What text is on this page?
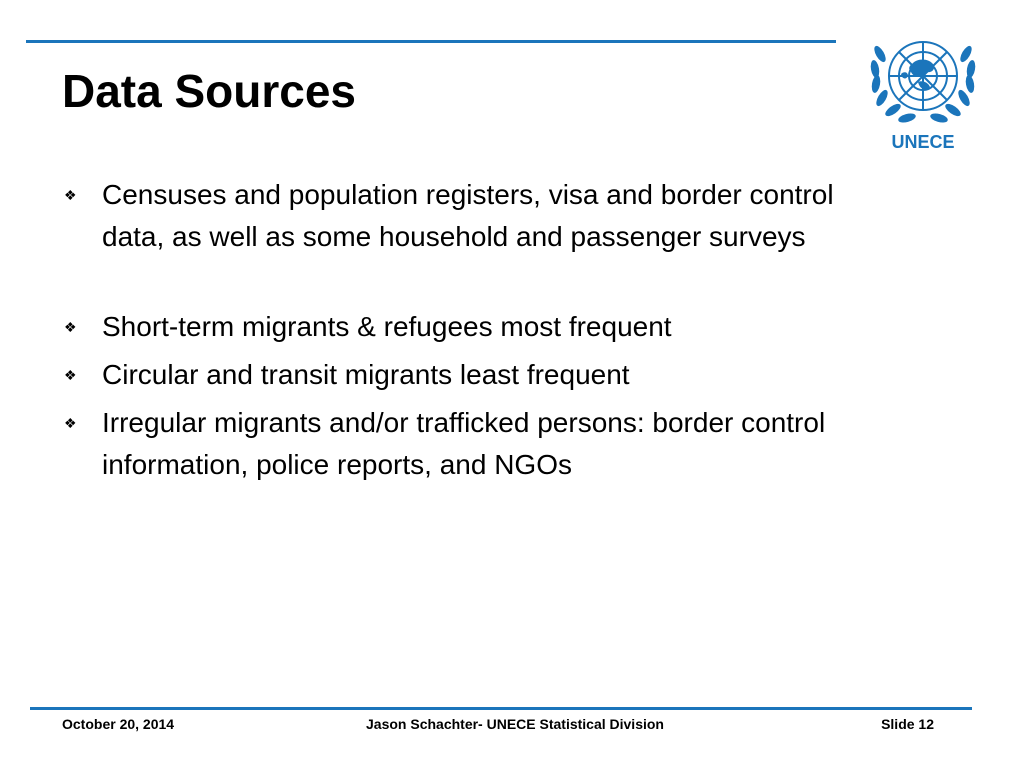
Data Sources
UNECE
❖ Censuses and population registers, visa and border control data, as well as some household and passenger surveys
❖ Short-term migrants & refugees most frequent
❖ Circular and transit migrants least frequent
❖ Irregular migrants and/or trafficked persons: border control information, police reports, and NGOs
October 20, 2014	Jason Schachter- UNECE Statistical Division	Slide 12
